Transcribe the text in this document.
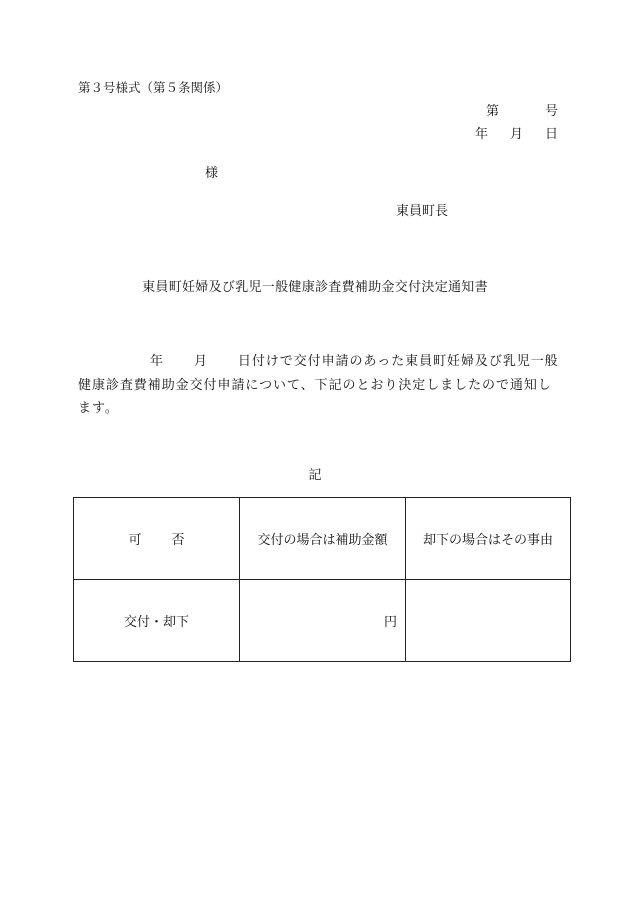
第３号様式（第５条関係）
第	号
年 月 日
様
東員町長
東員町妊婦及び乳児一般健康診査費補助金交付決定通知書
年 月 日付けで交付申請のあった東員町妊婦及び乳児一般健康診査費補助金交付申請について、下記のとおり決定しましたので通知します。
記
可 否	交付の場合は補助金額	却下の場合はその事由
交付・却下	円	
